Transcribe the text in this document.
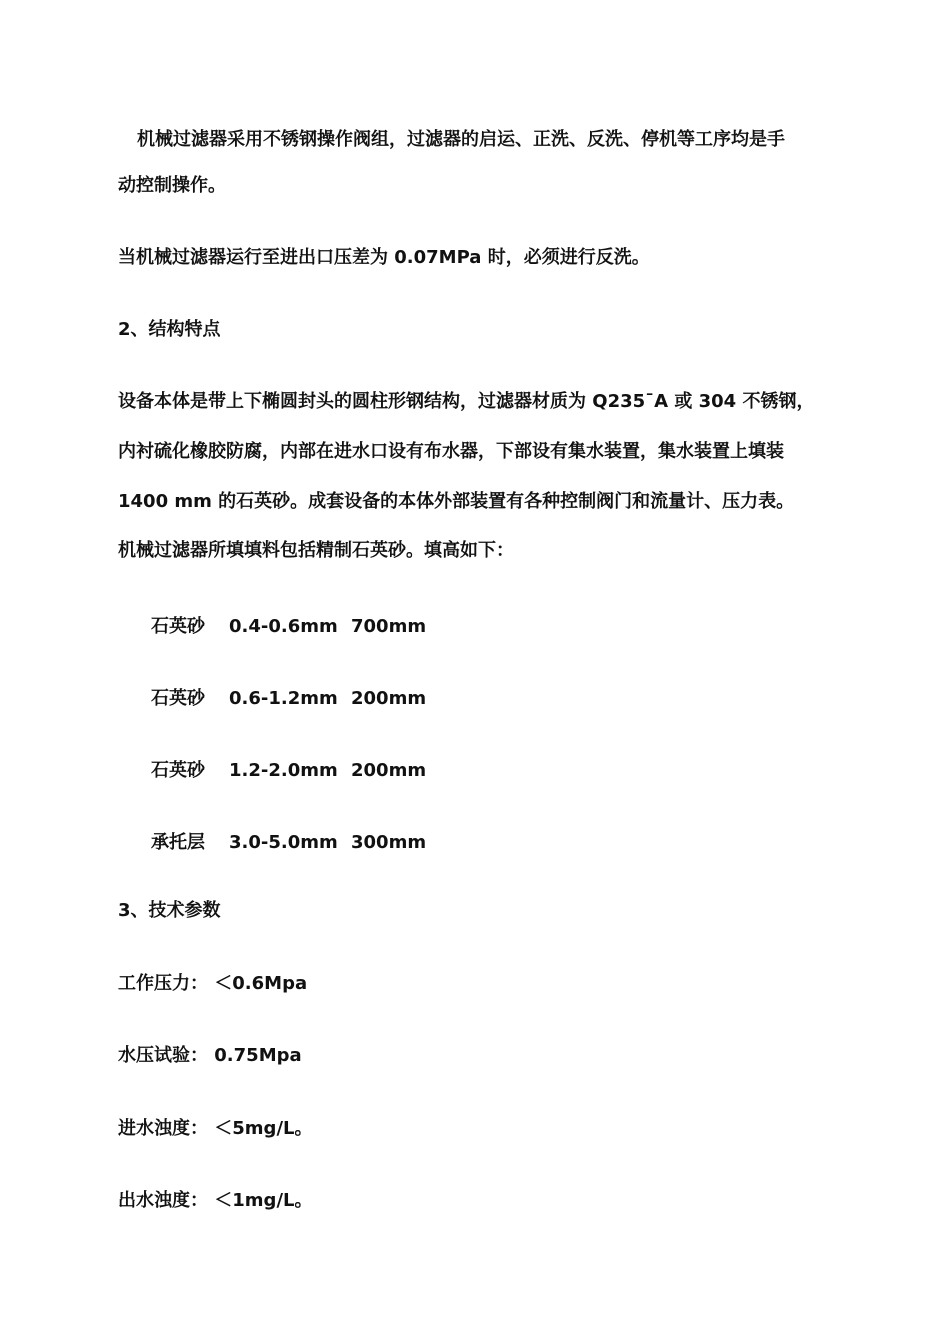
机械过滤器采用不锈钢操作阀组，过滤器的启运、正洗、反洗、停机等工序均是手
动控制操作。
当机械过滤器运行至进出口压差为 0.07MPa 时，必须进行反洗。
2、结构特点
设备本体是带上下椭圆封头的圆柱形钢结构，过滤器材质为 Q235¯A 或 304 不锈钢，
内衬硫化橡胶防腐，内部在进水口设有布水器，下部设有集水装置，集水装置上填装
1400 mm 的石英砂。成套设备的本体外部装置有各种控制阀门和流量计、压力表。
机械过滤器所填填料包括精制石英砂。填高如下：
石英砂 0.4-0.6mm 700mm
石英砂 0.6-1.2mm 200mm
石英砂 1.2-2.0mm 200mm
承托层 3.0-5.0mm 300mm
3、技术参数
工作压力： ＜0.6Mpa
水压试验： 0.75Mpa
进水浊度： ＜5mg/L。
出水浊度： ＜1mg/L。
